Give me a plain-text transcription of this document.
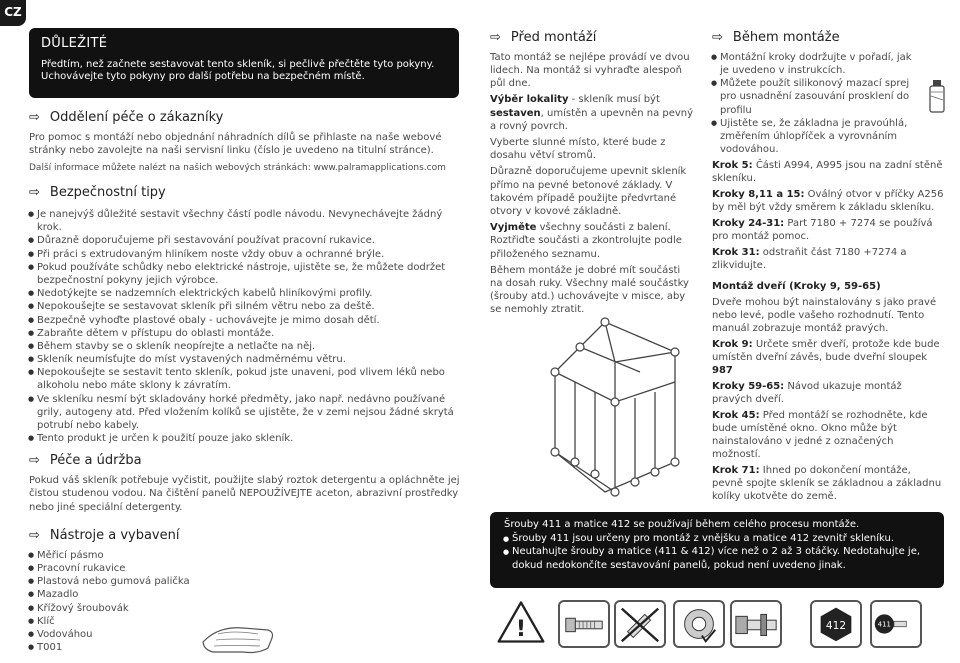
CZ
DŮLEŽITÉ

Předtím, než začnete sestavovat tento skleník, si pečlivě přečtěte tyto pokyny. Uchovávejte tyto pokyny pro další potřebu na bezpečném místě.

⇨ Oddělení péče o zákazníky

Pro pomoc s montáží nebo objednání náhradních dílů se přihlaste na naše webové stránky nebo zavolejte na naši servisní linku (číslo je uvedeno na titulní stránce).

Další informace můžete nalézt na našich webových stránkách: www.palramapplications.com

⇨ Bezpečnostní tipy
● Je nanejvýš důležité sestavit všechny částí podle návodu. Nevynechávejte žádný krok.
● Důrazně doporučujeme při sestavování používat pracovní rukavice.
● Při práci s extrudovaným hliníkem noste vždy obuv a ochranné brýle.
● Pokud používáte schůdky nebo elektrické nástroje, ujistěte se, že můžete dodržet bezpečnostní pokyny jejich výrobce.
● Nedotýkejte se nadzemních elektrických kabelů hliníkovými profily.
● Nepokoušejte se sestavovat skleník při silném větru nebo za deště.
● Bezpečně vyhoďte plastové obaly - uchovávejte je mimo dosah dětí.
● Zabraňte dětem v přístupu do oblasti montáže.
● Během stavby se o skleník neopírejte a netlačte na něj.
● Skleník neumísťujte do míst vystavených nadměrnému větru.
● Nepokoušejte se sestavit tento skleník, pokud jste unaveni, pod vlivem léků nebo alkoholu nebo máte sklony k závratím.
● Ve skleníku nesmí být skladovány horké předměty, jako např. nedávno používané grily, autogeny atd. Před vložením kolíků se ujistěte, že v zemi nejsou žádné skrytá potrubí nebo kabely.
● Tento produkt je určen k použití pouze jako skleník.
⇨ Péče a údržba

Pokud váš skleník potřebuje vyčistit, použijte slabý roztok detergentu a opláchněte jej čistou studenou vodou. Na čištění panelů NEPOUŽÍVEJTE aceton, abrazivní prostředky nebo jiné speciální detergenty.

⇨ Nástroje a vybavení
● Měřicí pásmo
● Pracovní rukavice
● Plastová nebo gumová palička
● Mazadlo
● Křížový šroubovák
● Klíč
● Vodováhou
● T001
⇨ Před montáží

Tato montáž se nejlépe provádí ve dvou lidech. Na montáž si vyhraďte alespoň půl dne.

Výběr lokality - skleník musí být sestaven, umístěn a upevněn na pevný a rovný povrch.

Vyberte slunné místo, které bude z dosahu větví stromů.

Důrazně doporučujeme upevnit skleník přímo na pevné betonové základy. V takovém případě použijte předvrtané otvory v kovové základně.

Vyjměte všechny součásti z balení. Roztřiďte součásti a zkontrolujte podle přiloženého seznamu.

Během montáže je dobré mít součásti na dosah ruky. Všechny malé součástky (šrouby atd.) uchovávejte v misce, aby se nemohly ztratit.

⇨ Během montáže
● Montážní kroky dodržujte v pořadí, jak je uvedeno v instrukcích.
● Můžete použít silikonový mazací sprej pro usnadnění zasouvání prosklení do profilu
● Ujistěte se, že základna je pravoúhlá, změřením úhlopříček a vyrovnáním vodováhou.

Krok 5: Části A994, A995 jsou na zadní stěně skleníku.

Kroky 8,11 a 15: Oválný otvor v příčky A256 by měl být vždy směrem k základu skleníku.

Kroky 24-31: Part 7180 + 7274 se používá pro montáž pomoc.

Krok 31: odstraňit část 7180 +7274 a zlikvidujte.

Montáž dveří (Kroky 9, 59-65)

Dveře mohou být nainstalovány s jako pravé nebo levé, podle vašeho rozhodnutí. Tento manuál zobrazuje montáž pravých.

Krok 9: Určete směr dveří, protože kde bude umístěn dveřní závěs, bude dveřní sloupek 987

Kroky 59-65: Návod ukazuje montáž pravých dveří.

Krok 45: Před montáží se rozhodněte, kde bude umístěné okno. Okno může být nainstalováno v jedné z označených možností.

Krok 71: Ihned po dokončení montáže, pevně spojte skleník se základnou a základnu kolíky ukotvěte do země.

Šrouby 411 a matice 412 se používají během celého procesu montáže.

● Šrouby 411 jsou určeny pro montáž z vnějšku a matice 412 zevnitř skleníku.
● Neutahujte šrouby a matice (411 & 412) více než o 2 až 3 otáčky. Nedotahujte je, dokud nedokončíte sestavování panelů, pokud není uvedeno jinak.
!	412	411
